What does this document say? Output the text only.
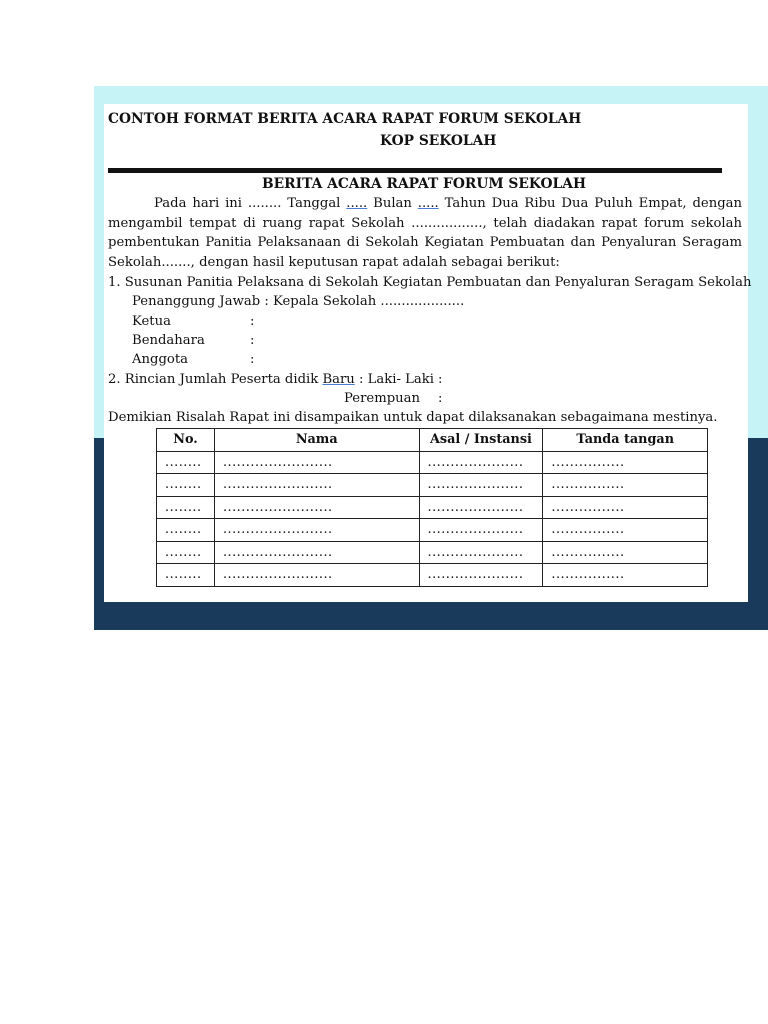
CONTOH FORMAT BERITA ACARA RAPAT FORUM SEKOLAH
KOP SEKOLAH
BERITA ACARA RAPAT FORUM SEKOLAH
Pada hari ini ........ Tanggal ..... Bulan ..... Tahun Dua Ribu Dua Puluh Empat, dengan mengambil tempat di ruang rapat Sekolah ................., telah diadakan rapat forum sekolah pembentukan Panitia Pelaksanaan di Sekolah Kegiatan Pembuatan dan Penyaluran Seragam Sekolah......., dengan hasil keputusan rapat adalah sebagai berikut:
1. Susunan Panitia Pelaksana di Sekolah Kegiatan Pembuatan dan Penyaluran Seragam Sekolah
Penanggung Jawab : Kepala Sekolah ....................
Ketua	:
Bendahara	:
Anggota	:
2. Rincian Jumlah Peserta didik Baru : Laki- Laki :
Perempuan :
Demikian Risalah Rapat ini disampaikan untuk dapat dilaksanakan sebagaimana mestinya.
No.	Nama	Asal / Instansi	Tanda tangan
........	........................	.....................	................
........	........................	.....................	................
........	........................	.....................	................
........	........................	.....................	................
........	........................	.....................	................
........	........................	.....................	................
